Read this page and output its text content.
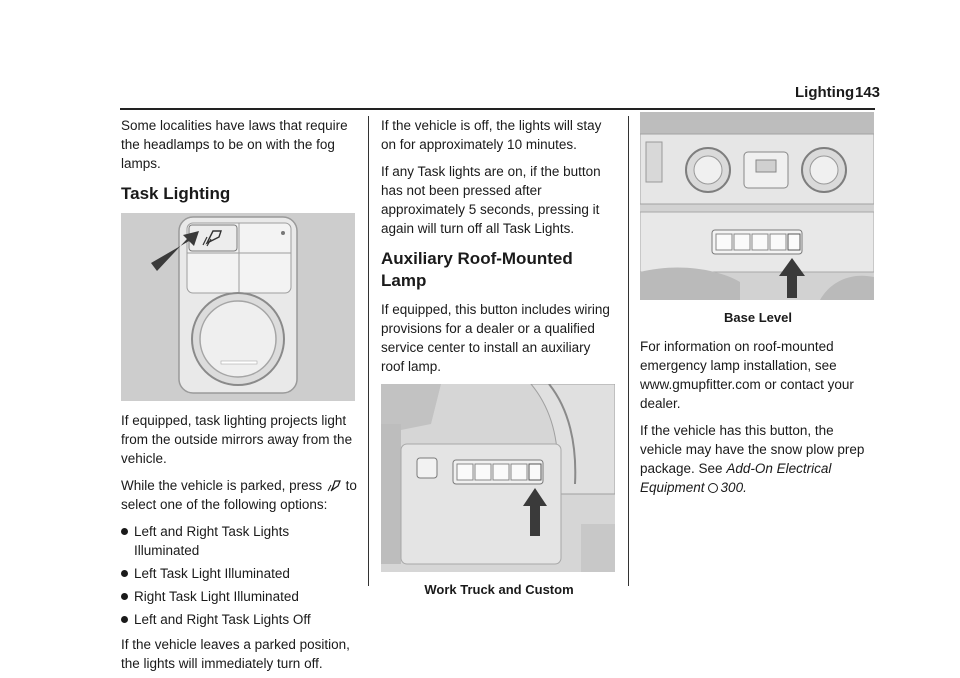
Lighting 143

Some localities have laws that require the headlamps to be on with the fog lamps.

Task Lighting

If equipped, task lighting projects light from the outside mirrors away from the vehicle.

While the vehicle is parked, press to select one of the following options:

Left and Right Task Lights Illuminated
Left Task Light Illuminated
Right Task Light Illuminated
Left and Right Task Lights Off

If the vehicle leaves a parked position, the lights will immediately turn off.

If the vehicle is off, the lights will stay on for approximately 10 minutes.

If any Task lights are on, if the button has not been pressed after approximately 5 seconds, pressing it again will turn off all Task Lights.

Auxiliary Roof-Mounted Lamp

If equipped, this button includes wiring provisions for a dealer or a qualified service center to install an auxiliary roof lamp.

Work Truck and Custom
Base Level

For information on roof-mounted emergency lamp installation, see www.gmupfitter.com or contact your dealer.

If the vehicle has this button, the vehicle may have the snow plow prep package. See Add-On Electrical Equipment 300.
